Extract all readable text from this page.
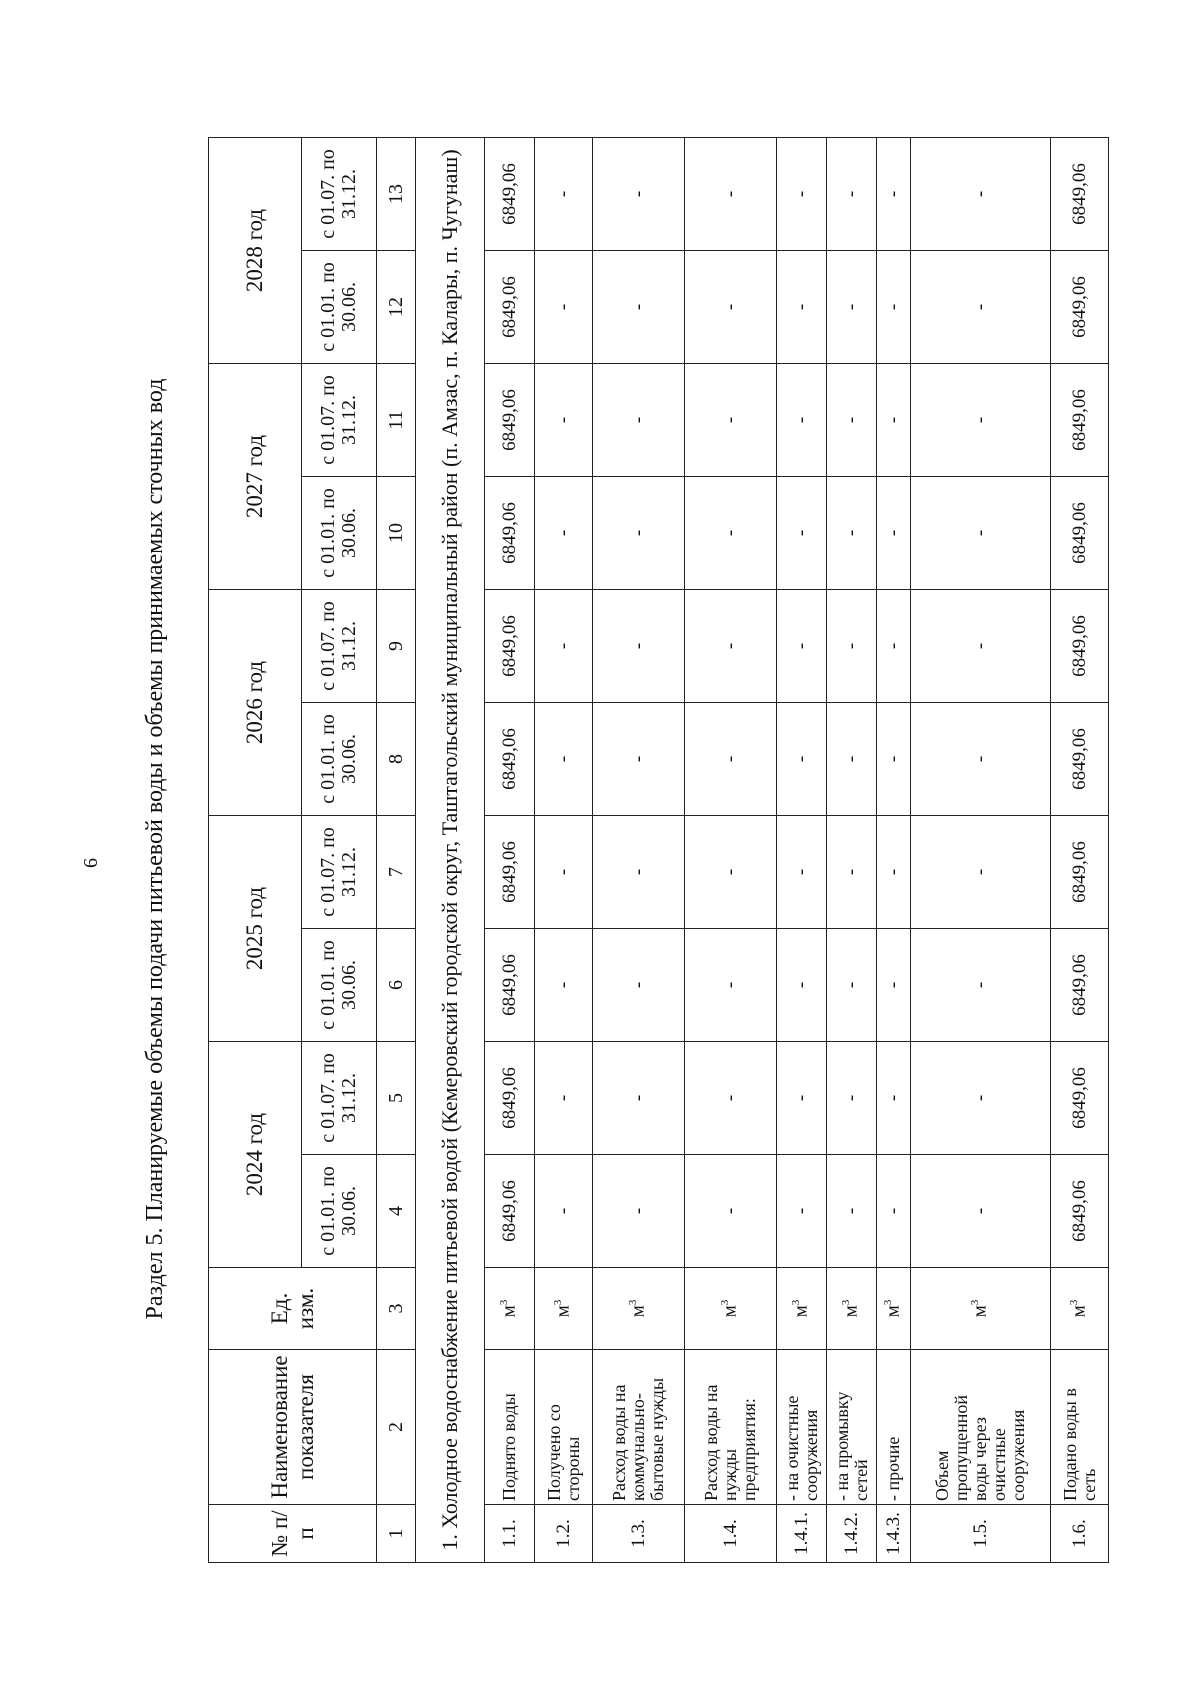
6 Раздел 5. Планируемые объемы подачи питьевой воды и объемы принимаемых сточных вод
№ п/п	Наименование показателя	Ед. изм.	2024 год		2025 год		2026 год		2027 год		2028 год	
			с 01.01. по 30.06.	с 01.07. по 31.12.	с 01.01. по 30.06.	с 01.07. по 31.12.	с 01.01. по 30.06.	с 01.07. по 31.12.	с 01.01. по 30.06.	с 01.07. по 31.12.	с 01.01. по 30.06.	с 01.07. по 31.12.
1	2	3	4	5	6	7	8	9	10	11	12	13
1. Холодное водоснабжение питьевой водой (Кемеровский городской округ, Таштагольский муниципальный район (п. Амзас, п. Калары, п. Чугунаш)												
1.1.	Поднято воды	$м^3$	6849,06	6849,06	6849,06	6849,06	6849,06	6849,06	6849,06	6849,06	6849,06	6849,06
1.2.	Получено со стороны	$м^3$	-	-	-	-	-	-	-	-	-	-
1.3.	Расход воды на коммунально-бытовые нужды	$м^3$	-	-	-	-	-	-	-	-	-	-
1.4.	Расход воды на нужды предприятия:	$м^3$	-	-	-	-	-	-	-	-	-	-
1.4.1.	- на очистные сооружения	$м^3$	-	-	-	-	-	-	-	-	-	-
1.4.2.	- на промывку сетей	$м^3$	-	-	-	-	-	-	-	-	-	-
1.4.3.	- прочие	$м^3$	-	-	-	-	-	-	-	-	-	-
1.5.	Объем пропущенной воды через очистные сооружения	$м^3$	-	-	-	-	-	-	-	-	-	-
1.6.	Подано воды в сеть	$м^3$	6849,06	6849,06	6849,06	6849,06	6849,06	6849,06	6849,06	6849,06	6849,06	6849,06
